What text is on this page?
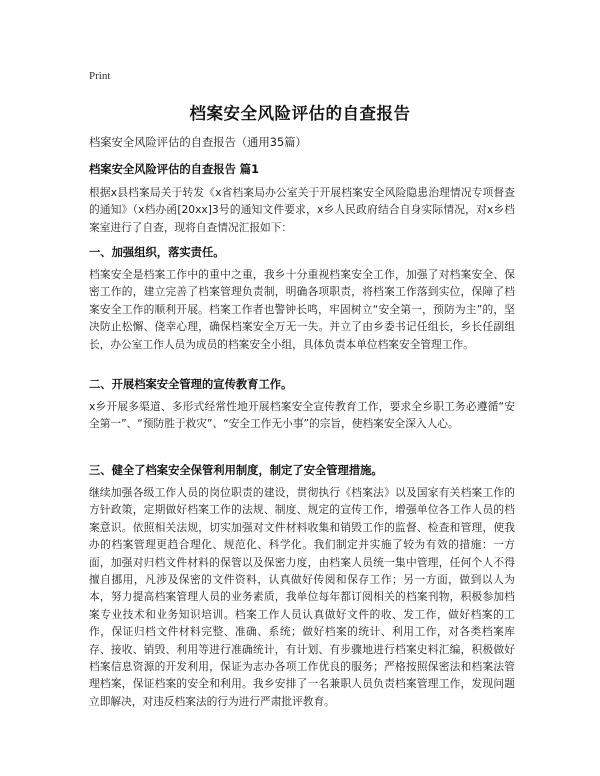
Print
档案安全风险评估的自查报告
档案安全风险评估的自查报告（通用35篇）
档案安全风险评估的自查报告 篇1

根据x县档案局关于转发《x省档案局办公室关于开展档案安全风险隐患治理情况专项督查的通知》（x档办函[20xx]3号的通知文件要求，x乡人民政府结合自身实际情况，对x乡档案室进行了自查，现将自查情况汇报如下：

一、加强组织，落实责任。

档案安全是档案工作中的重中之重，我乡十分重视档案安全工作，加强了对档案安全、保密工作的，建立完善了档案管理负责制，明确各项职责，将档案工作落到实位，保障了档案安全工作的顺利开展。档案工作者也警钟长鸣，牢固树立“安全第一，预防为主”的，坚决防止松懈、侥幸心理，确保档案安全万无一失。并立了由乡委书记任组长，乡长任副组长，办公室工作人员为成员的档案安全小组，具体负责本单位档案安全管理工作。

二、开展档案安全管理的宣传教育工作。

x乡开展多渠道、多形式经常性地开展档案安全宣传教育工作，要求全乡职工务必遵循“安全第一”、“预防胜于救灾”、“安全工作无小事”的宗旨，使档案安全深入人心。

三、健全了档案安全保管利用制度，制定了安全管理措施。

继续加强各级工作人员的岗位职责的建设，贯彻执行《档案法》以及国家有关档案工作的方针政策，定期做好档案工作的法规、制度、规定的宣传工作，增强单位各工作人员的档案意识。依照相关法规，切实加强对文件材料收集和销毁工作的监督、检查和管理，使我办的档案管理更趋合理化、规范化、科学化。我们制定并实施了较为有效的措施：一方面，加强对归档文件材料的保管以及保密力度，由档案人员统一集中管理，任何个人不得擅自挪用，凡涉及保密的文件资料，认真做好传阅和保存工作；另一方面，做到以人为本，努力提高档案管理人员的业务素质，我单位每年都订阅相关的档案刊物，积极参加档案专业技术和业务知识培训。档案工作人员认真做好文件的收、发工作，做好档案的工作，保证归档文件材料完整、准确、系统；做好档案的统计、利用工作，对各类档案库存、接收、销毁、利用等进行准确统计，有计划、有步骤地进行档案史料汇编，积极做好档案信息资源的开发利用，保证为志办各项工作优良的服务；严格按照保密法和档案法管理档案，保证档案的安全和利用。我乡安排了一名兼职人员负责档案管理工作，发现问题立即解决，对违反档案法的行为进行严肃批评教育。
